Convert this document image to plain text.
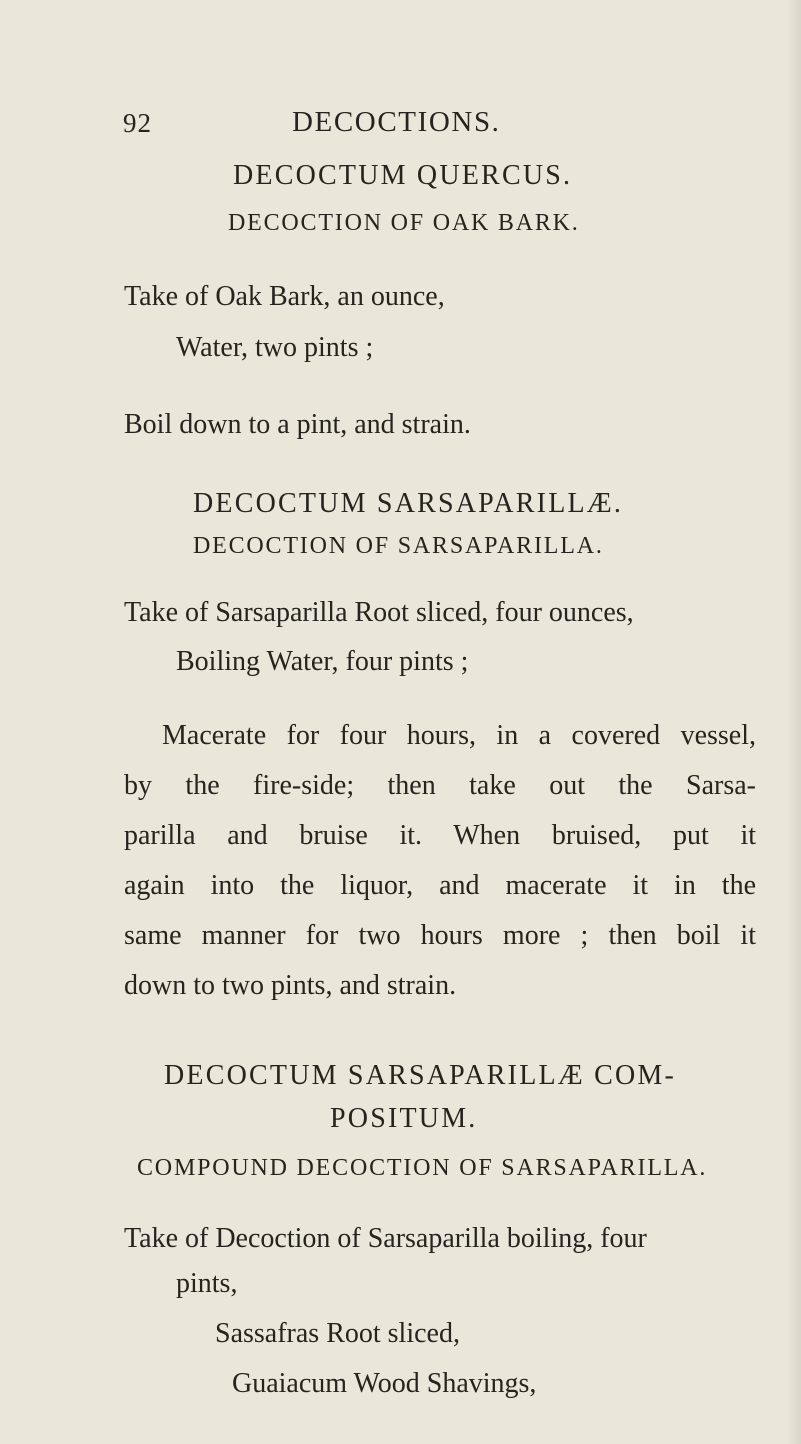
92	DECOCTIONS.
DECOCTUM QUERCUS.
DECOCTION OF OAK BARK.
Take of Oak Bark, an ounce,
Water, two pints ;
Boil down to a pint, and strain.
DECOCTUM SARSAPARILLÆ.
DECOCTION OF SARSAPARILLA.
Take of Sarsaparilla Root sliced, four ounces,
Boiling Water, four pints ;
Macerate for four hours, in a covered vessel,
by the fire-side; then take out the Sarsa-
parilla and bruise it. When bruised, put it
again into the liquor, and macerate it in the
same manner for two hours more ; then boil it
down to two pints, and strain.
DECOCTUM SARSAPARILLÆ COM-
POSITUM.
COMPOUND DECOCTION OF SARSAPARILLA.
Take of Decoction of Sarsaparilla boiling, four
pints,
Sassafras Root sliced,
Guaiacum Wood Shavings,
